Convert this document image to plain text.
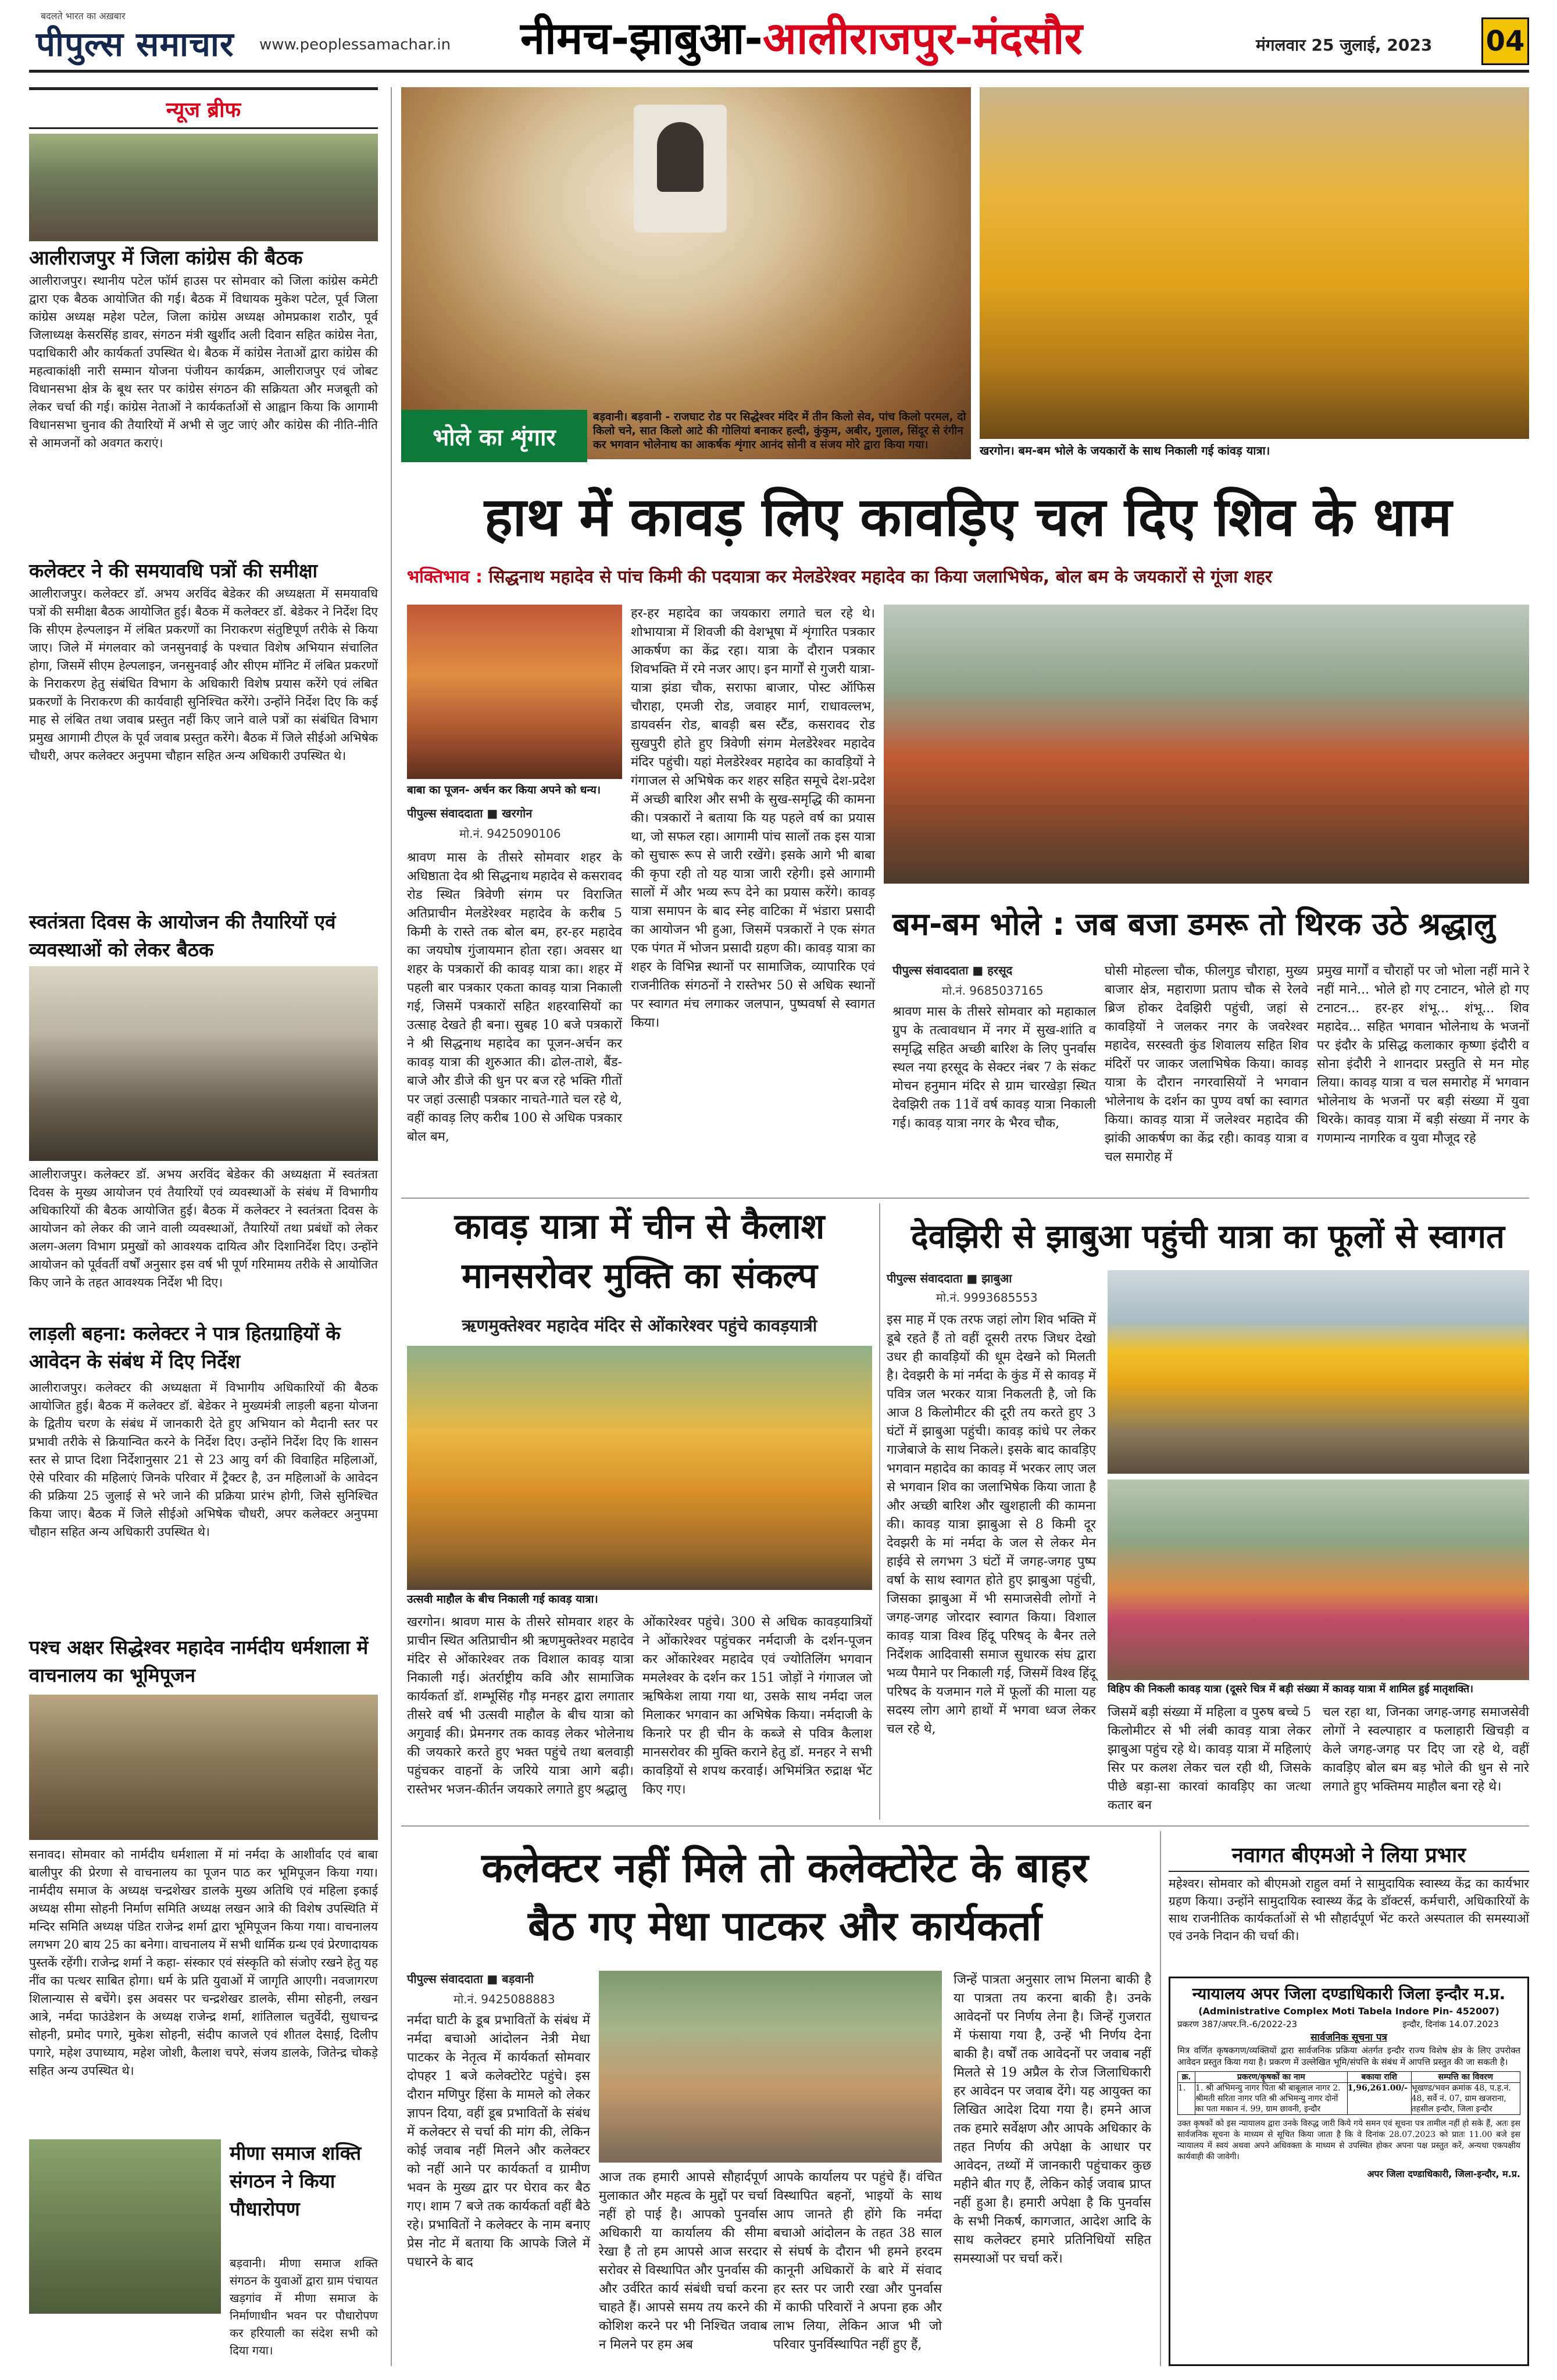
बदलते भारत का अख़बार
पीपुल्स समाचार www.peoplessamachar.in नीमच-झाबुआ-आलीराजपुर-मंदसौर	मंगलवार 25 जुलाई, 2023 04
न्यूज ब्रीफ
आलीराजपुर में जिला कांग्रेस की बैठक
आलीराजपुर। स्थानीय पटेल फॉर्म हाउस पर सोमवार को जिला कांग्रेस कमेटी द्वारा एक बैठक आयोजित की गई। बैठक में विधायक मुकेश पटेल, पूर्व जिला कांग्रेस अध्यक्ष महेश पटेल, जिला कांग्रेस अध्यक्ष ओमप्रकाश राठौर, पूर्व जिलाध्यक्ष केसरसिंह डावर, संगठन मंत्री खुर्शीद अली दिवान सहित कांग्रेस नेता, पदाधिकारी और कार्यकर्ता उपस्थित थे। बैठक में कांग्रेस नेताओं द्वारा कांग्रेस की महत्वाकांक्षी नारी सम्मान योजना पंजीयन कार्यक्रम, आलीराजपुर एवं जोबट विधानसभा क्षेत्र के बूथ स्तर पर कांग्रेस संगठन की सक्रियता और मजबूती को लेकर चर्चा की गई। कांग्रेस नेताओं ने कार्यकर्ताओं से आह्वान किया कि आगामी विधानसभा चुनाव की तैयारियों में अभी से जुट जाएं और कांग्रेस की नीति-नीति से आमजनों को अवगत कराएं।
कलेक्टर ने की समयावधि पत्रों की समीक्षा
आलीराजपुर। कलेक्टर डॉ. अभय अरविंद बेडेकर की अध्यक्षता में समयावधि पत्रों की समीक्षा बैठक आयोजित हुई। बैठक में कलेक्टर डॉ. बेडेकर ने निर्देश दिए कि सीएम हेल्पलाइन में लंबित प्रकरणों का निराकरण संतुष्टिपूर्ण तरीके से किया जाए। जिले में मंगलवार को जनसुनवाई के पश्चात विशेष अभियान संचालित होगा, जिसमें सीएम हेल्पलाइन, जनसुनवाई और सीएम मॉनिट में लंबित प्रकरणों के निराकरण हेतु संबंधित विभाग के अधिकारी विशेष प्रयास करेंगे एवं लंबित प्रकरणों के निराकरण की कार्यवाही सुनिश्चित करेंगे। उन्होंने निर्देश दिए कि कई माह से लंबित तथा जवाब प्रस्तुत नहीं किए जाने वाले पत्रों का संबंधित विभाग प्रमुख आगामी टीएल के पूर्व जवाब प्रस्तुत करेंगे। बैठक में जिले सीईओ अभिषेक चौधरी, अपर कलेक्टर अनुपमा चौहान सहित अन्य अधिकारी उपस्थित थे।
स्वतंत्रता दिवस के आयोजन की तैयारियों एवं व्यवस्थाओं को लेकर बैठक
आलीराजपुर। कलेक्टर डॉ. अभय अरविंद बेडेकर की अध्यक्षता में स्वतंत्रता दिवस के मुख्य आयोजन एवं तैयारियों एवं व्यवस्थाओं के संबंध में विभागीय अधिकारियों की बैठक आयोजित हुई। बैठक में कलेक्टर ने स्वतंत्रता दिवस के आयोजन को लेकर की जाने वाली व्यवस्थाओं, तैयारियों तथा प्रबंधों को लेकर अलग-अलग विभाग प्रमुखों को आवश्यक दायित्व और दिशानिर्देश दिए। उन्होंने आयोजन को पूर्ववर्ती वर्षों अनुसार इस वर्ष भी पूर्ण गरिमामय तरीके से आयोजित किए जाने के तहत आवश्यक निर्देश भी दिए।
लाड़ली बहना: कलेक्टर ने पात्र हितग्राहियों के आवेदन के संबंध में दिए निर्देश
आलीराजपुर। कलेक्टर की अध्यक्षता में विभागीय अधिकारियों की बैठक आयोजित हुई। बैठक में कलेक्टर डॉ. बेडेकर ने मुख्यमंत्री लाड़ली बहना योजना के द्वितीय चरण के संबंध में जानकारी देते हुए अभियान को मैदानी स्तर पर प्रभावी तरीके से क्रियान्वित करने के निर्देश दिए। उन्होंने निर्देश दिए कि शासन स्तर से प्राप्त दिशा निर्देशानुसार 21 से 23 आयु वर्ग की विवाहित महिलाओं, ऐसे परिवार की महिलाएं जिनके परिवार में ट्रैक्टर है, उन महिलाओं के आवेदन की प्रक्रिया 25 जुलाई से भरे जाने की प्रक्रिया प्रारंभ होगी, जिसे सुनिश्चित किया जाए। बैठक में जिले सीईओ अभिषेक चौधरी, अपर कलेक्टर अनुपमा चौहान सहित अन्य अधिकारी उपस्थित थे।
पश्च अक्षर सिद्धेश्वर महादेव नार्मदीय धर्मशाला में वाचनालय का भूमिपूजन
सनावद। सोमवार को नार्मदीय धर्मशाला में मां नर्मदा के आशीर्वाद एवं बाबा बालीपुर की प्रेरणा से वाचनालय का पूजन पाठ कर भूमिपूजन किया गया। नार्मदीय समाज के अध्यक्ष चन्द्रशेखर डालके मुख्य अतिथि एवं महिला इकाई अध्यक्ष सीमा सोहनी निर्माण समिति अध्यक्ष लखन आत्रे की विशेष उपस्थिति में मन्दिर समिति अध्यक्ष पंडित राजेन्द्र शर्मा द्वारा भूमिपूजन किया गया। वाचनालय लगभग 20 बाय 25 का बनेगा। वाचनालय में सभी धार्मिक ग्रन्थ एवं प्रेरणादायक पुस्तकें रहेंगी। राजेन्द्र शर्मा ने कहा- संस्कार एवं संस्कृति को संजोए रखने हेतु यह नींव का पत्थर साबित होगा। धर्म के प्रति युवाओं में जागृति आएगी। नवजागरण शिलान्यास से बचेंगे। इस अवसर पर चन्द्रशेखर डालके, सीमा सोहनी, लखन आत्रे, नर्मदा फाउंडेशन के अध्यक्ष राजेन्द्र शर्मा, शांतिलाल चतुर्वेदी, सुधाचन्द्र सोहनी, प्रमोद पगारे, मुकेश सोहनी, संदीप काजले एवं शीतल देसाई, दिलीप पगारे, महेश उपाध्याय, महेश जोशी, कैलाश चपरे, संजय डालके, जितेन्द्र चोकड़े सहित अन्य उपस्थित थे।
मीणा समाज शक्ति संगठन ने किया पौधारोपण
बड़वानी। मीणा समाज शक्ति संगठन के युवाओं द्वारा ग्राम पंचायत खड़गांव में मीणा समाज के निर्माणाधीन भवन पर पौधारोपण कर हरियाली का संदेश सभी को दिया गया।
भोले का शृंगार
बड़वानी। बड़वानी - राजघाट रोड पर सिद्धेश्वर मंदिर में तीन किलो सेव, पांच किलो परमल, दो किलो चने, सात किलो आटे की गोलियां बनाकर हल्दी, कुंकुम, अबीर, गुलाल, सिंदूर से रंगीन कर भगवान भोलेनाथ का आकर्षक शृंगार आनंद सोनी व संजय मोरे द्वारा किया गया।	खरगोन। बम-बम भोले के जयकारों के साथ निकाली गई कांवड़ यात्रा।
हाथ में कावड़ लिए कावड़िए चल दिए शिव के धाम
भक्तिभाव : सिद्धनाथ महादेव से पांच किमी की पदयात्रा कर मेलडेरेश्वर महादेव का किया जलाभिषेक, बोल बम के जयकारों से गूंजा शहर
बाबा का पूजन- अर्चन कर किया अपने को धन्य।
पीपुल्स संवाददाता ■ खरगोन
मो.नं. 9425090106
श्रावण मास के तीसरे सोमवार शहर के अधिष्ठाता देव श्री सिद्धनाथ महादेव से कसरावद रोड स्थित त्रिवेणी संगम पर विराजित अतिप्राचीन मेलडेरेश्वर महादेव के करीब 5 किमी के रास्ते तक बोल बम, हर-हर महादेव का जयघोष गुंजायमान होता रहा। अवसर था शहर के पत्रकारों की कावड़ यात्रा का। शहर में पहली बार पत्रकार एकता कावड़ यात्रा निकाली गई, जिसमें पत्रकारों सहित शहरवासियों का उत्साह देखते ही बना। सुबह 10 बजे पत्रकारों ने श्री सिद्धनाथ महादेव का पूजन-अर्चन कर कावड़ यात्रा की शुरुआत की। ढोल-ताशे, बैंड-बाजे और डीजे की धुन पर बज रहे भक्ति गीतों पर जहां उत्साही पत्रकार नाचते-गाते चल रहे थे, वहीं कावड़ लिए करीब 100 से अधिक पत्रकार बोल बम,
हर-हर महादेव का जयकारा लगाते चल रहे थे। शोभायात्रा में शिवजी की वेशभूषा में शृंगारित पत्रकार आकर्षण का केंद्र रहा। यात्रा के दौरान पत्रकार शिवभक्ति में रमे नजर आए। इन मार्गों से गुजरी यात्रा- यात्रा झंडा चौक, सराफा बाजार, पोस्ट ऑफिस चौराहा, एमजी रोड, जवाहर मार्ग, राधावल्लभ, डायवर्सन रोड, बावड़ी बस स्टैंड, कसरावद रोड सुखपुरी होते हुए त्रिवेणी संगम मेलडेरेश्वर महादेव मंदिर पहुंची। यहां मेलडेरेश्वर महादेव का कावड़ियों ने गंगाजल से अभिषेक कर शहर सहित समूचे देश-प्रदेश में अच्छी बारिश और सभी के सुख-समृद्धि की कामना की। पत्रकारों ने बताया कि यह पहले वर्ष का प्रयास था, जो सफल रहा। आगामी पांच सालों तक इस यात्रा को सुचारू रूप से जारी रखेंगे। इसके आगे भी बाबा की कृपा रही तो यह यात्रा जारी रहेगी। इसे आगामी सालों में और भव्य रूप देने का प्रयास करेंगे। कावड़ यात्रा समापन के बाद स्नेह वाटिका में भंडारा प्रसादी का आयोजन भी हुआ, जिसमें पत्रकारों ने एक संगत एक पंगत में भोजन प्रसादी ग्रहण की। कावड़ यात्रा का शहर के विभिन्न स्थानों पर सामाजिक, व्यापारिक एवं राजनीतिक संगठनों ने रास्तेभर 50 से अधिक स्थानों पर स्वागत मंच लगाकर जलपान, पुष्पवर्षा से स्वागत किया।
बम-बम भोले : जब बजा डमरू तो थिरक उठे श्रद्धालु
पीपुल्स संवाददाता ■ हरसूद
मो.नं. 9685037165
श्रावण मास के तीसरे सोमवार को महाकाल ग्रुप के तत्वावधान में नगर में सुख-शांति व समृद्धि सहित अच्छी बारिश के लिए पुनर्वास स्थल नया हरसूद के सेक्टर नंबर 7 के संकट मोचन हनुमान मंदिर से ग्राम चारखेड़ा स्थित देवझिरी तक 11वें वर्ष कावड़ यात्रा निकाली गई। कावड़ यात्रा नगर के भैरव चौक,
घोसी मोहल्ला चौक, फीलगुड चौराहा, मुख्य बाजार क्षेत्र, महाराणा प्रताप चौक से रेलवे ब्रिज होकर देवझिरी पहुंची, जहां से कावड़ियों ने जलकर नगर के जवरेश्वर महादेव, सरस्वती कुंड शिवालय सहित शिव मंदिरों पर जाकर जलाभिषेक किया। कावड़ यात्रा के दौरान नगरवासियों ने भगवान भोलेनाथ के दर्शन का पुण्य वर्षा का स्वागत किया। कावड़ यात्रा में जलेश्वर महादेव की झांकी आकर्षण का केंद्र रही। कावड़ यात्रा व चल समारोह में
प्रमुख मार्गों व चौराहों पर जो भोला नहीं माने रे नहीं माने... भोले हो गए टनाटन, भोले हो गए टनाटन... हर-हर शंभू... शंभू... शिव महादेव... सहित भगवान भोलेनाथ के भजनों पर इंदौर के प्रसिद्ध कलाकार कृष्णा इंदौरी व सोना इंदौरी ने शानदार प्रस्तुति से मन मोह लिया। कावड़ यात्रा व चल समारोह में भगवान भोलेनाथ के भजनों पर बड़ी संख्या में युवा थिरके। कावड़ यात्रा में बड़ी संख्या में नगर के गणमान्य नागरिक व युवा मौजूद रहे
कावड़ यात्रा में चीन से कैलाश
मानसरोवर मुक्ति का संकल्प
ऋणमुक्तेश्वर महादेव मंदिर से ओंकारेश्वर पहुंचे कावड़यात्री
उत्सवी माहौल के बीच निकाली गई कावड़ यात्रा।
खरगोन। श्रावण मास के तीसरे सोमवार शहर के प्राचीन स्थित अतिप्राचीन श्री ऋणमुक्तेश्वर महादेव मंदिर से ओंकारेश्वर तक विशाल कावड़ यात्रा निकाली गई। अंतर्राष्ट्रीय कवि और सामाजिक कार्यकर्ता डॉ. शम्भूसिंह गौड़ मनहर द्वारा लगातार तीसरे वर्ष भी उत्सवी माहौल के बीच यात्रा को अगुवाई की। प्रेमनगर तक कावड़ लेकर भोलेनाथ की जयकारे करते हुए भक्त पहुंचे तथा बलवाड़ी पहुंचकर वाहनों के जरिये यात्रा आगे बढ़ी। रास्तेभर भजन-कीर्तन जयकारे लगाते हुए श्रद्धालु
ओंकारेश्वर पहुंचे। 300 से अधिक कावड़यात्रियों ने ओंकारेश्वर पहुंचकर नर्मदाजी के दर्शन-पूजन कर ओंकारेश्वर महादेव एवं ज्योतिलिंग भगवान ममलेश्वर के दर्शन कर 151 जोड़ों ने गंगाजल जो ऋषिकेश लाया गया था, उसके साथ नर्मदा जल मिलाकर भगवान का अभिषेक किया। नर्मदाजी के किनारे पर ही चीन के कब्जे से पवित्र कैलाश मानसरोवर की मुक्ति कराने हेतु डॉ. मनहर ने सभी कावड़ियों से शपथ करवाई। अभिमंत्रित रुद्राक्ष भेंट किए गए।
देवझिरी से झाबुआ पहुंची यात्रा का फूलों से स्वागत
पीपुल्स संवाददाता ■ झाबुआ
मो.नं. 9993685553
इस माह में एक तरफ जहां लोग शिव भक्ति में डूबे रहते हैं तो वहीं दूसरी तरफ जिधर देखो उधर ही कावड़ियों की धूम देखने को मिलती है। देवझरी के मां नर्मदा के कुंड में से कावड़ में पवित्र जल भरकर यात्रा निकलती है, जो कि आज 8 किलोमीटर की दूरी तय करते हुए 3 घंटों में झाबुआ पहुंची। कावड़ कांधे पर लेकर गाजेबाजे के साथ निकले। इसके बाद कावड़िए भगवान महादेव का कावड़ में भरकर लाए जल से भगवान शिव का जलाभिषेक किया जाता है और अच्छी बारिश और खुशहाली की कामना की। कावड़ यात्रा झाबुआ से 8 किमी दूर देवझरी के मां नर्मदा के जल से लेकर मेन हाईवे से लगभग 3 घंटों में जगह-जगह पुष्प वर्षा के साथ स्वागत होते हुए झाबुआ पहुंची, जिसका झाबुआ में भी समाजसेवी लोगों ने जगह-जगह जोरदार स्वागत किया। विशाल कावड़ यात्रा विश्व हिंदू परिषद् के बैनर तले निर्देशक आदिवासी समाज सुधारक संघ द्वारा भव्य पैमाने पर निकाली गई, जिसमें विश्व हिंदू परिषद के यजमान गले में फूलों की माला यह सदस्य लोग आगे हाथों में भगवा ध्वज लेकर चल रहे थे,
विहिप की निकली कावड़ यात्रा (दूसरे चित्र में बड़ी संख्या में कावड़ यात्रा में शामिल हुई मातृशक्ति।
जिसमें बड़ी संख्या में महिला व पुरुष बच्चे 5 किलोमीटर से भी लंबी कावड़ यात्रा लेकर झाबुआ पहुंच रहे थे। कावड़ यात्रा में महिलाएं सिर पर कलश लेकर चल रही थी, जिसके पीछे बड़ा-सा कारवां कावड़िए का जत्था कतार बन
चल रहा था, जिनका जगह-जगह समाजसेवी लोगों ने स्वल्पाहार व फलाहारी खिचड़ी व केले जगह-जगह पर दिए जा रहे थे, वहीं कावड़िए बोल बम बड़ भोले की धुन से नारे लगाते हुए भक्तिमय माहौल बना रहे थे।
कलेक्टर नहीं मिले तो कलेक्टोरेट के बाहर
बैठ गए मेधा पाटकर और कार्यकर्ता
पीपुल्स संवाददाता ■ बड़वानी
मो.नं. 9425088883
नर्मदा घाटी के डूब प्रभावितों के संबंध में नर्मदा बचाओ आंदोलन नेत्री मेधा पाटकर के नेतृत्व में कार्यकर्ता सोमवार दोपहर 1 बजे कलेक्टोरेट पहुंचे। इस दौरान मणिपुर हिंसा के मामले को लेकर ज्ञापन दिया, वहीं डूब प्रभावितों के संबंध में कलेक्टर से चर्चा की मांग की, लेकिन कोई जवाब नहीं मिलने और कलेक्टर को नहीं आने पर कार्यकर्ता व ग्रामीण भवन के मुख्य द्वार पर घेराव कर बैठ गए। शाम 7 बजे तक कार्यकर्ता वहीं बैठे रहे। प्रभावितों ने कलेक्टर के नाम बनाए प्रेस नोट में बताया कि आपके जिले में पधारने के बाद
आज तक हमारी आपसे सौहार्दपूर्ण मुलाकात और महत्व के मुद्दों पर चर्चा नहीं हो पाई है। आपको पुनर्वास अधिकारी या कार्यालय की सीमा रेखा है तो हम आपसे आज सरदार सरोवर से विस्थापित और पुनर्वास की और उर्वरित कार्य संबंधी चर्चा करना चाहते हैं। आपसे समय तय करने की कोशिश करने पर भी निश्चित जवाब न मिलने पर हम अब
आपके कार्यालय पर पहुंचे हैं। वंचित विस्थापित बहनों, भाइयों के साथ आप जानते ही होंगे कि नर्मदा बचाओ आंदोलन के तहत 38 साल से संघर्ष के दौरान भी हमने हरदम कानूनी अधिकारों के बारे में संवाद हर स्तर पर जारी रखा और पुनर्वास में काफी परिवारों ने अपना हक और लाभ लिया, लेकिन आज भी जो परिवार पुनर्विस्थापित नहीं हुए हैं,
जिन्हें पात्रता अनुसार लाभ मिलना बाकी है या पात्रता तय करना बाकी है। उनके आवेदनों पर निर्णय लेना है। जिन्हें गुजरात में फंसाया गया है, उन्हें भी निर्णय देना बाकी है। वर्षों तक आवेदनों पर जवाब नहीं मिलते से 19 अप्रैल के रोज जिलाधिकारी हर आवेदन पर जवाब देंगे। यह आयुक्त का लिखित आदेश दिया गया है। हमने आज तक हमारे सर्वेक्षण और आपके अधिकार के तहत निर्णय की अपेक्षा के आधार पर आवेदन, तथ्यों में जानकारी पहुंचाकर कुछ महीने बीत गए हैं, लेकिन कोई जवाब प्राप्त नहीं हुआ है। हमारी अपेक्षा है कि पुनर्वास के सभी निकर्ष, कागजात, आदेश आदि के साथ कलेक्टर हमारे प्रतिनिधियों सहित समस्याओं पर चर्चा करें।
नवागत बीएमओ ने लिया प्रभार
महेश्वर। सोमवार को बीएमओ राहुल वर्मा ने सामुदायिक स्वास्थ्य केंद्र का कार्यभार ग्रहण किया। उन्होंने सामुदायिक स्वास्थ्य केंद्र के डॉक्टर्स, कर्मचारी, अधिकारियों के साथ राजनीतिक कार्यकर्ताओं से भी सौहार्दपूर्ण भेंट करते अस्पताल की समस्याओं एवं उनके निदान की चर्चा की।
न्यायालय अपर जिला दण्डाधिकारी जिला इन्दौर म.प्र.
(Administrative Complex Moti Tabela Indore Pin- 452007)
प्रकरण 387/अपर.नि.-6/2022-23                                      इन्दौर, दिनांक 14.07.2023
सार्वजनिक सूचना पत्र
मित्र वर्णित कृषकगण/व्यक्तियों द्वारा सार्वजनिक प्रक्रिया अंतर्गत इन्दौर राज्य विशेष क्षेत्र के लिए उपरोक्त आवेदन प्रस्तुत किया गया है। प्रकरण में उल्लेखित भूमि/संपत्ति के संबंध में आपत्ति प्रस्तुत की जा सकती है।
क्र.	प्रकरण/कृषकों का नाम	बकाया राशि	सम्पत्ति का विवरण
1.	1. श्री अभिमन्यु नागर पिता श्री बाबूलाल नागर 2. श्रीमती सरिता नागर पति श्री अभिमन्यु नागर दोनों का पता मकान नं. 99, ग्राम छावनी, इन्दौर	1,96,261.00/-	भूखण्ड/भवन क्रमांक 48, प.ह.नं. 48, सर्वे नं. 07, ग्राम खजराना, तहसील इन्दौर, जिला इन्दौर
उक्त कृषकों को इस न्यायालय द्वारा उनके विरुद्ध जारी किये गये समन एवं सूचना पत्र तामील नहीं हो सके हैं, अतः इस सार्वजनिक सूचना के माध्यम से सूचित किया जाता है कि वे दिनांक 28.07.2023 को प्रातः 11.00 बजे इस न्यायालय में स्वयं अथवा अपने अधिवक्ता के माध्यम से उपस्थित होकर अपना पक्ष प्रस्तुत करें, अन्यथा एकपक्षीय कार्यवाही की जावेगी।
अपर जिला दण्डाधिकारी, जिला-इन्दौर, म.प्र.
